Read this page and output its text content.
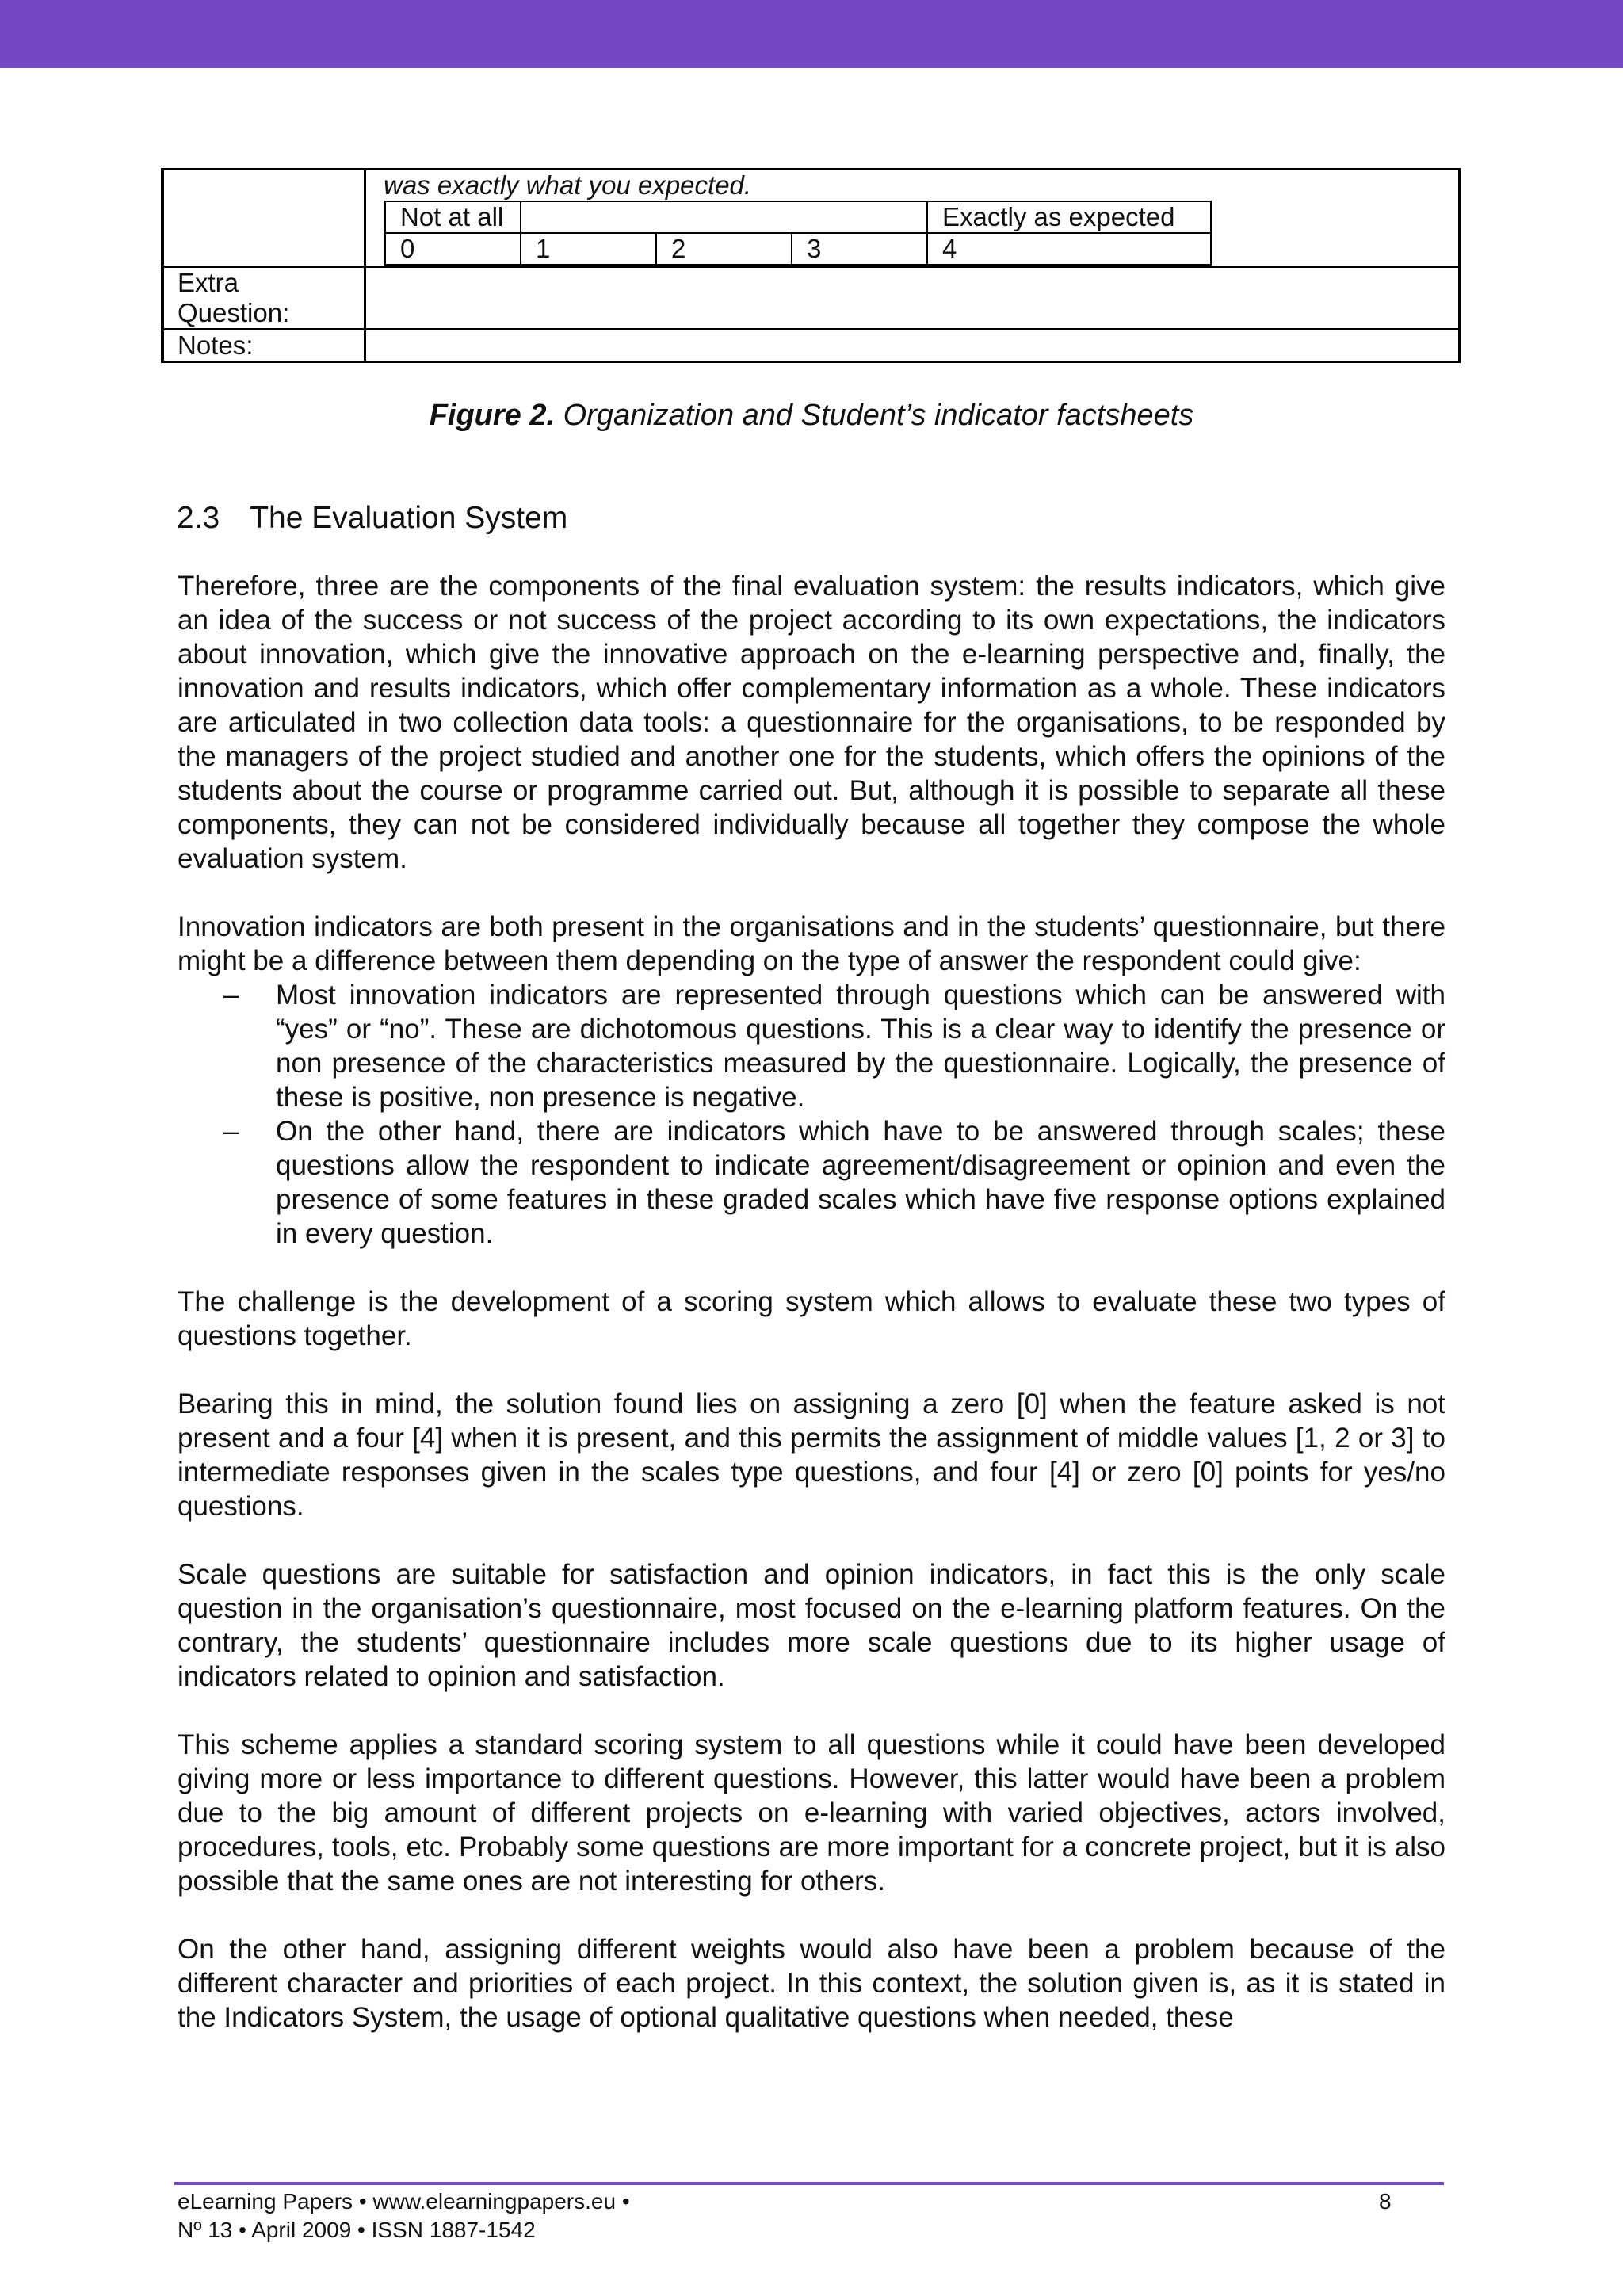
was exactly what you expected.
Not at all		Exactly as expected
0	1	2	3	4

Extra Question:	
Notes:	
Figure 2. Organization and Student’s indicator factsheets
2.3 The Evaluation System

Therefore, three are the components of the final evaluation system: the results indicators, which give an idea of the success or not success of the project according to its own expectations, the indicators about innovation, which give the innovative approach on the e-learning perspective and, finally, the innovation and results indicators, which offer complementary information as a whole. These indicators are articulated in two collection data tools: a questionnaire for the organisations, to be responded by the managers of the project studied and another one for the students, which offers the opinions of the students about the course or programme carried out. But, although it is possible to separate all these components, they can not be considered individually because all together they compose the whole evaluation system.

Innovation indicators are both present in the organisations and in the students’ questionnaire, but there might be a difference between them depending on the type of answer the respondent could give:

– Most innovation indicators are represented through questions which can be answered with “yes” or “no”. These are dichotomous questions. This is a clear way to identify the presence or non presence of the characteristics measured by the questionnaire. Logically, the presence of these is positive, non presence is negative.
– On the other hand, there are indicators which have to be answered through scales; these questions allow the respondent to indicate agreement/disagreement or opinion and even the presence of some features in these graded scales which have five response options explained in every question.

The challenge is the development of a scoring system which allows to evaluate these two types of questions together.

Bearing this in mind, the solution found lies on assigning a zero [0] when the feature asked is not present and a four [4] when it is present, and this permits the assignment of middle values [1, 2 or 3] to intermediate responses given in the scales type questions, and four [4] or zero [0] points for yes/no questions.

Scale questions are suitable for satisfaction and opinion indicators, in fact this is the only scale question in the organisation’s questionnaire, most focused on the e-learning platform features. On the contrary, the students’ questionnaire includes more scale questions due to its higher usage of indicators related to opinion and satisfaction.

This scheme applies a standard scoring system to all questions while it could have been developed giving more or less importance to different questions. However, this latter would have been a problem due to the big amount of different projects on e-learning with varied objectives, actors involved, procedures, tools, etc. Probably some questions are more important for a concrete project, but it is also possible that the same ones are not interesting for others.

On the other hand, assigning different weights would also have been a problem because of the different character and priorities of each project. In this context, the solution given is, as it is stated in the Indicators System, the usage of optional qualitative questions when needed, these

eLearning Papers • www.elearningpapers.eu •
Nº 13 • April 2009 • ISSN 1887-1542
8
